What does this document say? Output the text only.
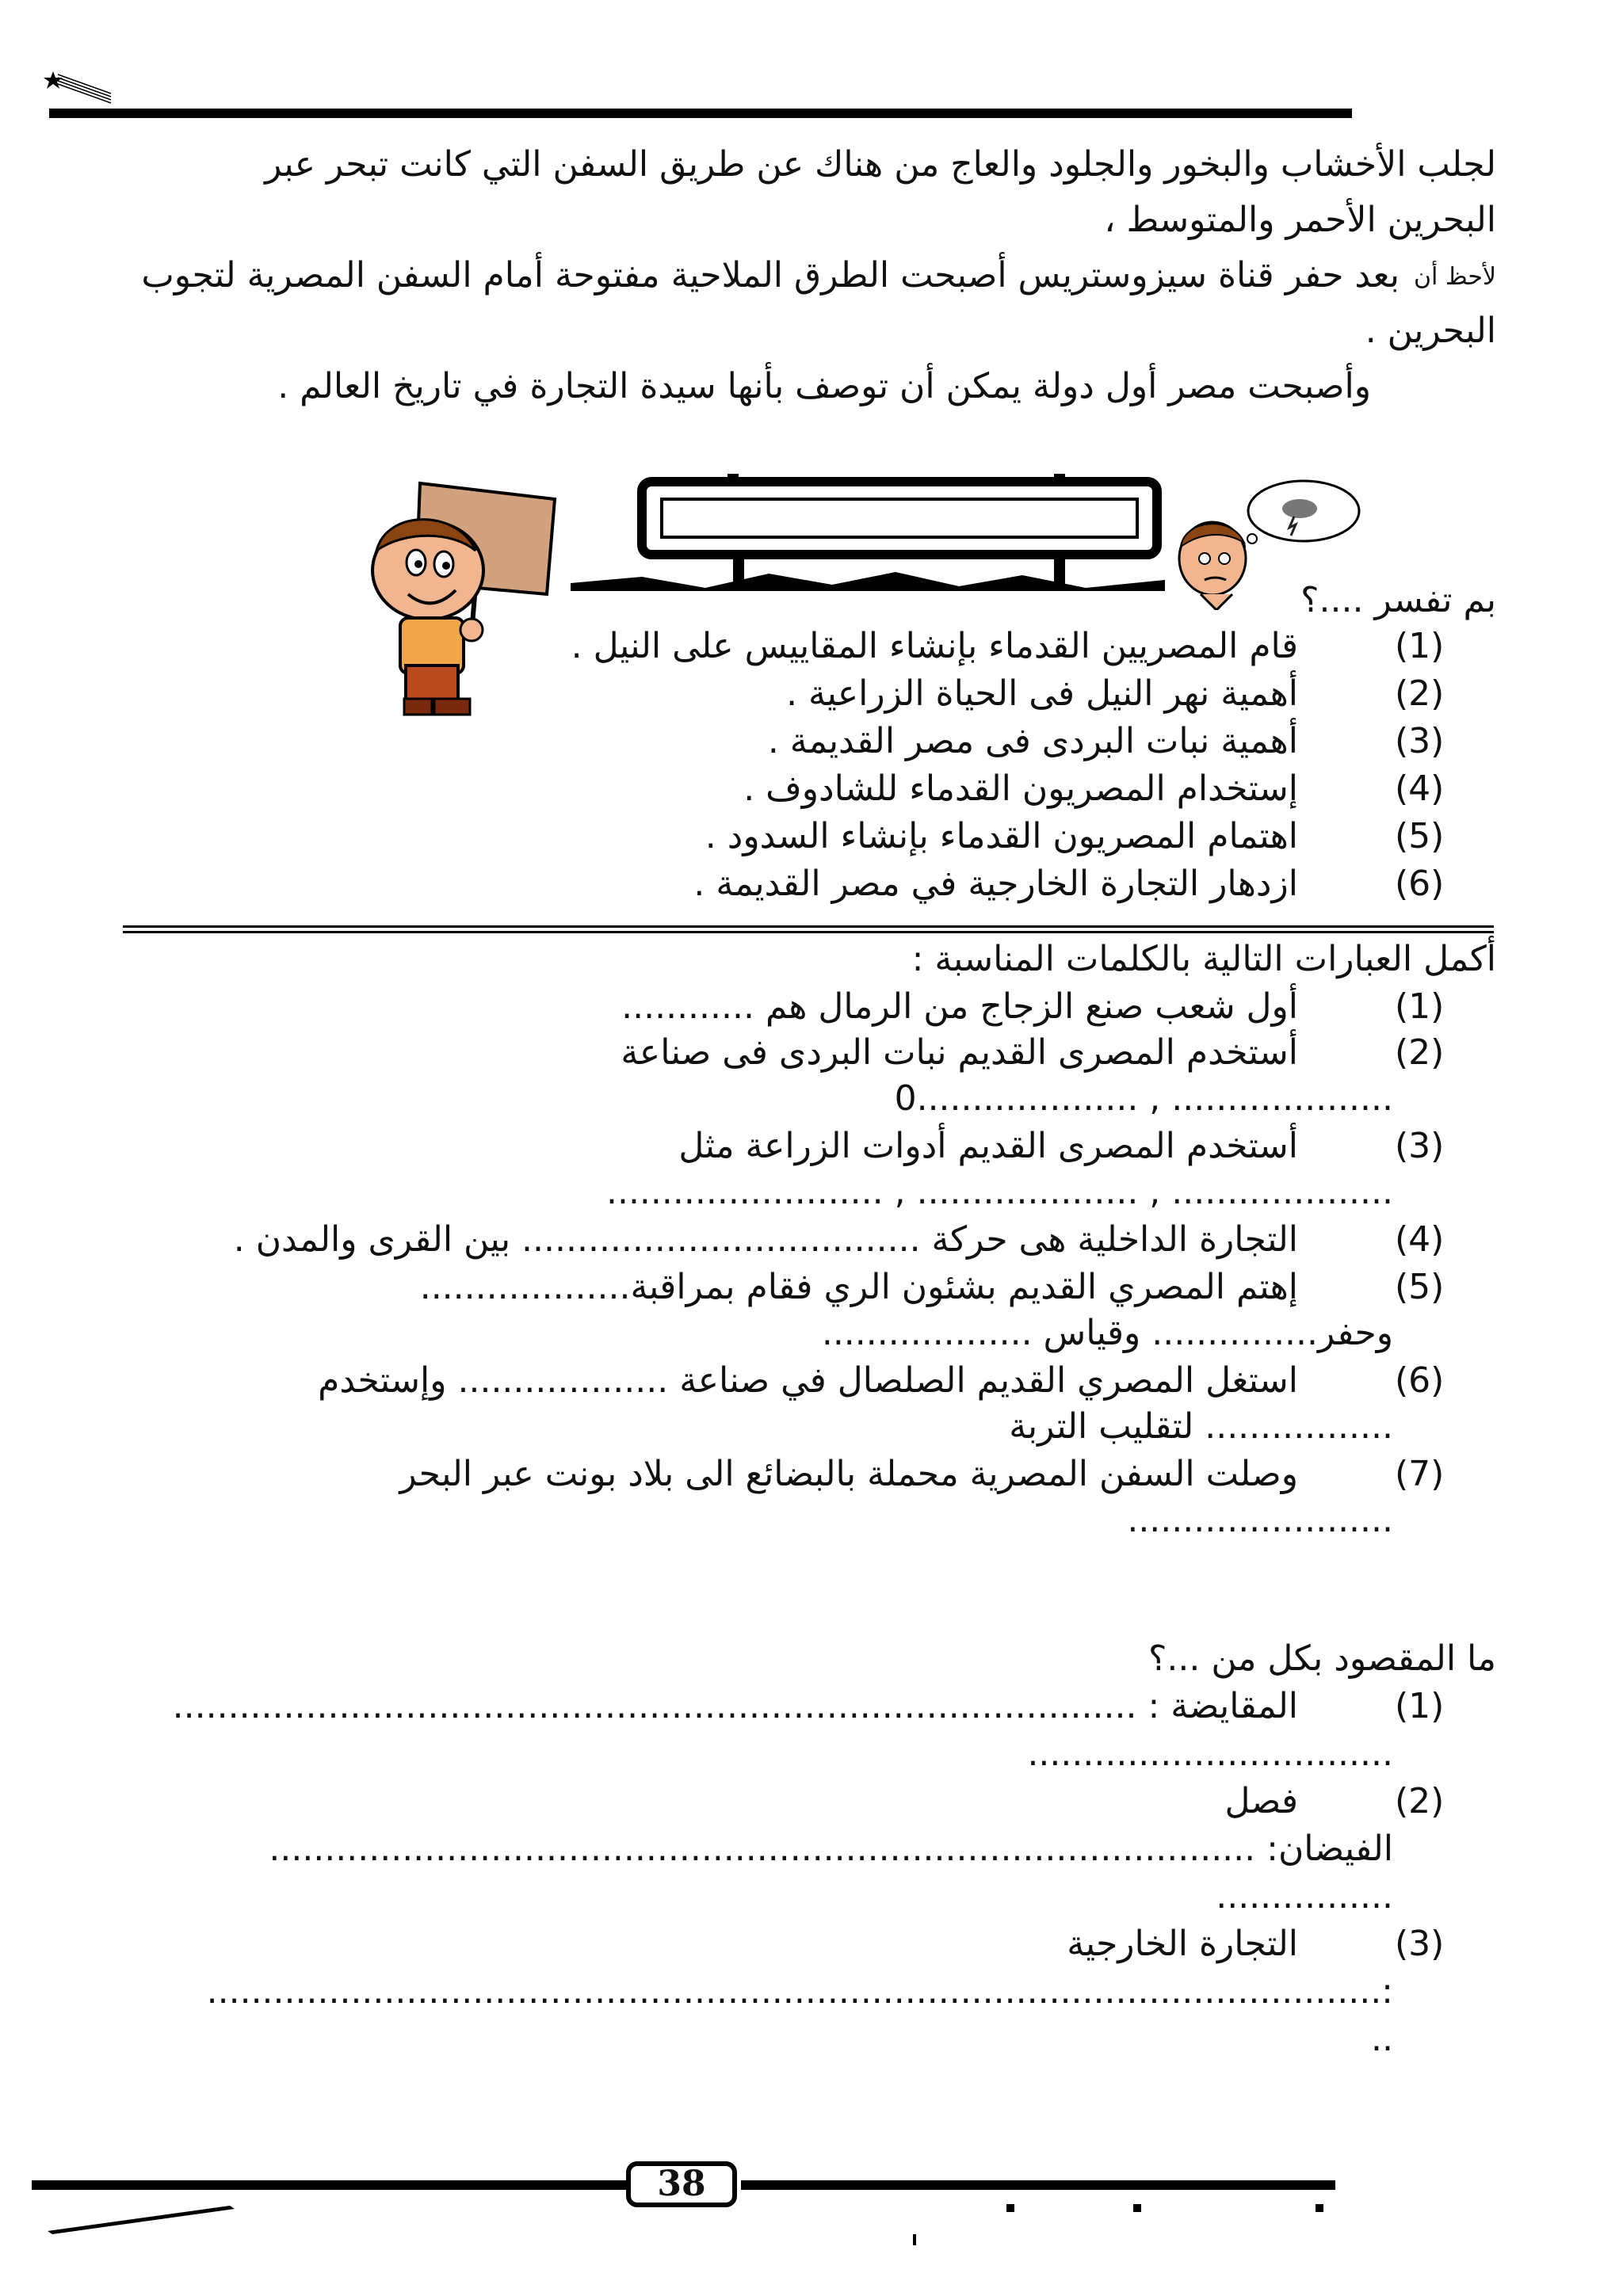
لجلب الأخشاب والبخور والجلود والعاج من هناك عن طريق السفن التي كانت تبحر عبر
البحرين الأحمر والمتوسط ،
لأحظ أن
بعد حفر قناة سيزوستريس أصبحت الطرق الملاحية مفتوحة أمام السفن المصرية لتجوب
البحرين .
وأصبحت مصر أول دولة يمكن أن توصف بأنها سيدة التجارة في تاريخ العالم .
بم تفسر ....؟
(1)
قام المصريين القدماء بإنشاء المقاييس على النيل .
(2)
أهمية نهر النيل فى الحياة الزراعية .
(3)
أهمية نبات البردى فى مصر القديمة .
(4)
إستخدام المصريون القدماء للشادوف .
(5)
اهتمام المصريون القدماء بإنشاء السدود .
(6)
ازدهار التجارة الخارجية في مصر القديمة .
أكمل العبارات التالية بالكلمات المناسبة :
(1)
أول شعب صنع الزجاج من الرمال هم ............
(2)
أستخدم المصرى القديم نبات البردى فى صناعة
.................... , ....................0
(3)
أستخدم المصرى القديم أدوات الزراعة مثل
.................... , .................... , .........................
(4)
التجارة الداخلية هى حركة .................................... بين القرى والمدن .
(5)
إهتم المصري القديم بشئون الري فقام بمراقبة...................
وحفر............... وقياس ...................
(6)
استغل المصري القديم الصلصال في صناعة ................... وإستخدم
................. لتقليب التربة
(7)
وصلت السفن المصرية محملة بالبضائع الى بلاد بونت عبر البحر
........................
ما المقصود بكل من ...؟
(1)
المقايضة : .......................................................................................
.................................
(2)
فصل
الفيضان: .........................................................................................
................
(3)
التجارة الخارجية
:..........................................................................................................
..
38
